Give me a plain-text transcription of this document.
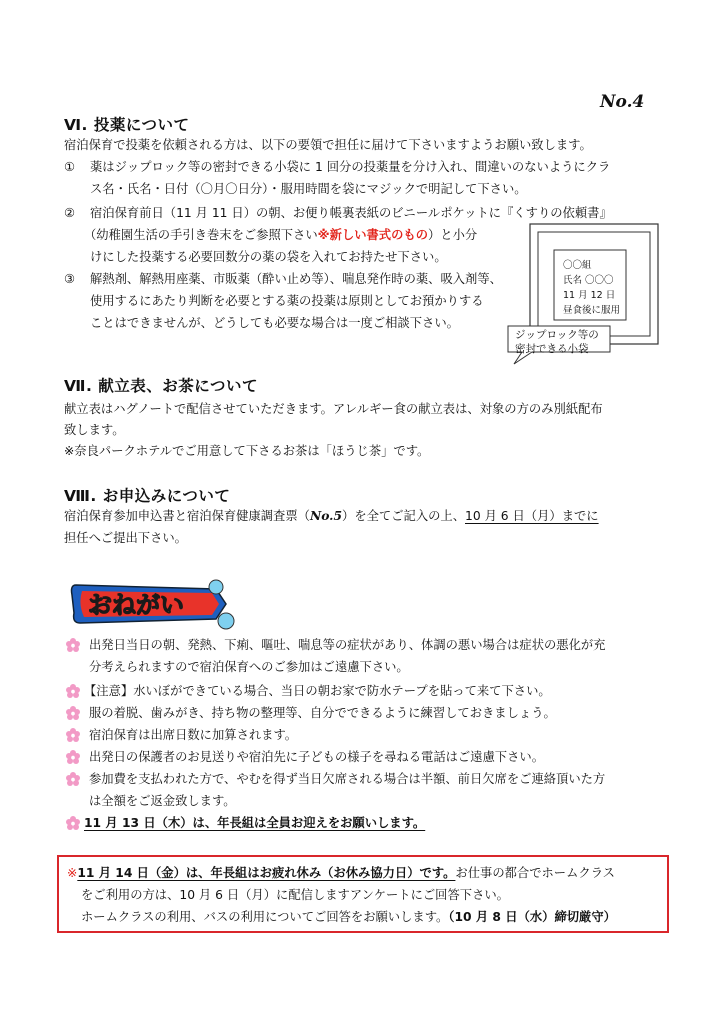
No.4
Ⅵ. 投薬について
宿泊保育で投薬を依頼される方は、以下の要領で担任に届けて下さいますようお願い致します。
① 薬はジップロック等の密封できる小袋に 1 回分の投薬量を分け入れ、間違いのないようにクラ
ス名・氏名・日付（〇月〇日分）・服用時間を袋にマジックで明記して下さい。
② 宿泊保育前日（11 月 11 日）の朝、お便り帳裏表紙のビニールポケットに『くすりの依頼書』
（幼稚園生活の手引き巻末をご参照下さい※新しい書式のもの）と小分
けにした投薬する必要回数分の薬の袋を入れてお持たせ下さい。
③ 解熱剤、解熱用座薬、市販薬（酔い止め等）、喘息発作時の薬、吸入剤等、
使用するにあたり判断を必要とする薬の投薬は原則としてお預かりする
ことはできませんが、どうしても必要な場合は一度ご相談下さい。
〇〇組
氏名 〇〇〇
11 月 12 日
昼食後に服用
ジップロック等の
密封できる小袋
Ⅶ. 献立表、お茶について
献立表はハグノートで配信させていただきます。アレルギー食の献立表は、対象の方のみ別紙配布
致します。
※奈良パークホテルでご用意して下さるお茶は「ほうじ茶」です。
Ⅷ. お申込みについて
宿泊保育参加申込書と宿泊保育健康調査票（No.5）を全てご記入の上、10 月 6 日（月）までに
担任へご提出下さい。
おねがい
出発日当日の朝、発熱、下痢、嘔吐、喘息等の症状があり、体調の悪い場合は症状の悪化が充
分考えられますので宿泊保育へのご参加はご遠慮下さい。
【注意】水いぼができている場合、当日の朝お家で防水テープを貼って来て下さい。
服の着脱、歯みがき、持ち物の整理等、自分でできるように練習しておきましょう。
宿泊保育は出席日数に加算されます。
出発日の保護者のお見送りや宿泊先に子どもの様子を尋ねる電話はご遠慮下さい。
参加費を支払われた方で、やむを得ず当日欠席される場合は半額、前日欠席をご連絡頂いた方
は全額をご返金致します。
11 月 13 日（木）は、年長組は全員お迎えをお願いします。
※11 月 14 日（金）は、年長組はお疲れ休み（お休み協力日）です。お仕事の都合でホームクラス
をご利用の方は、10 月 6 日（月）に配信しますアンケートにご回答下さい。
ホームクラスの利用、バスの利用についてご回答をお願いします。（10 月 8 日（水）締切厳守）
